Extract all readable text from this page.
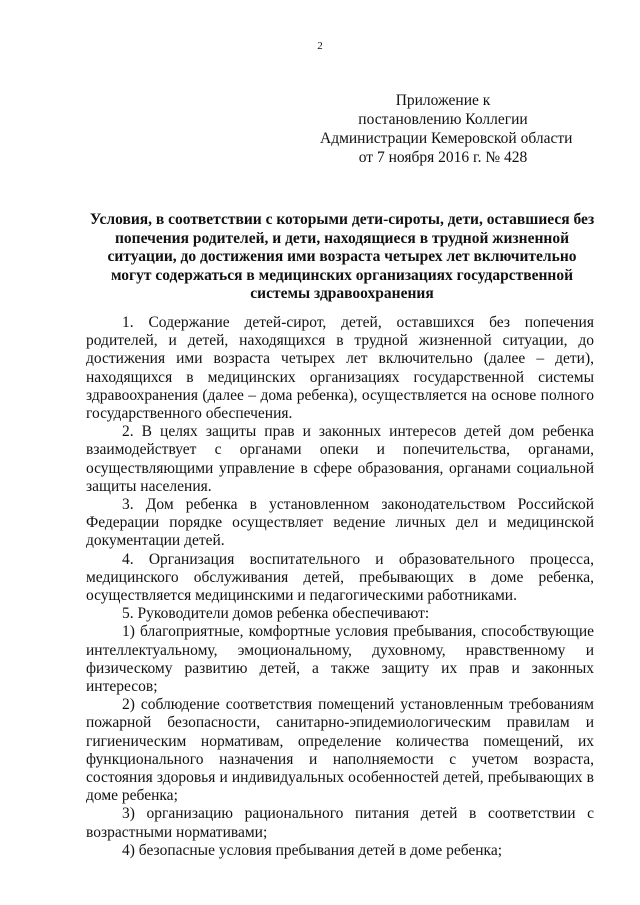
2
Приложение к
постановлению Коллегии
Администрации Кемеровской области
от 7 ноября 2016 г. № 428
Условия, в соответствии с которыми дети-сироты, дети, оставшиеся без попечения родителей, и дети, находящиеся в трудной жизненной ситуации, до достижения ими возраста четырех лет включительно могут содержаться в медицинских организациях государственной системы здравоохранения

1. Содержание детей-сирот, детей, оставшихся без попечения родителей, и детей, находящихся в трудной жизненной ситуации, до достижения ими возраста четырех лет включительно (далее – дети), находящихся в медицинских организациях государственной системы здравоохранения (далее – дома ребенка), осуществляется на основе полного государственного обеспечения.

2. В целях защиты прав и законных интересов детей дом ребенка взаимодействует с органами опеки и попечительства, органами, осуществляющими управление в сфере образования, органами социальной защиты населения.

3. Дом ребенка в установленном законодательством Российской Федерации порядке осуществляет ведение личных дел и медицинской документации детей.

4. Организация воспитательного и образовательного процесса, медицинского обслуживания детей, пребывающих в доме ребенка, осуществляется медицинскими и педагогическими работниками.

5. Руководители домов ребенка обеспечивают:

1) благоприятные, комфортные условия пребывания, способствующие интеллектуальному, эмоциональному, духовному, нравственному и физическому развитию детей, а также защиту их прав и законных интересов;

2) соблюдение соответствия помещений установленным требованиям пожарной безопасности, санитарно-эпидемиологическим правилам и гигиеническим нормативам, определение количества помещений, их функционального назначения и наполняемости с учетом возраста, состояния здоровья и индивидуальных особенностей детей, пребывающих в доме ребенка;

3) организацию рационального питания детей в соответствии с возрастными нормативами;

4) безопасные условия пребывания детей в доме ребенка;
